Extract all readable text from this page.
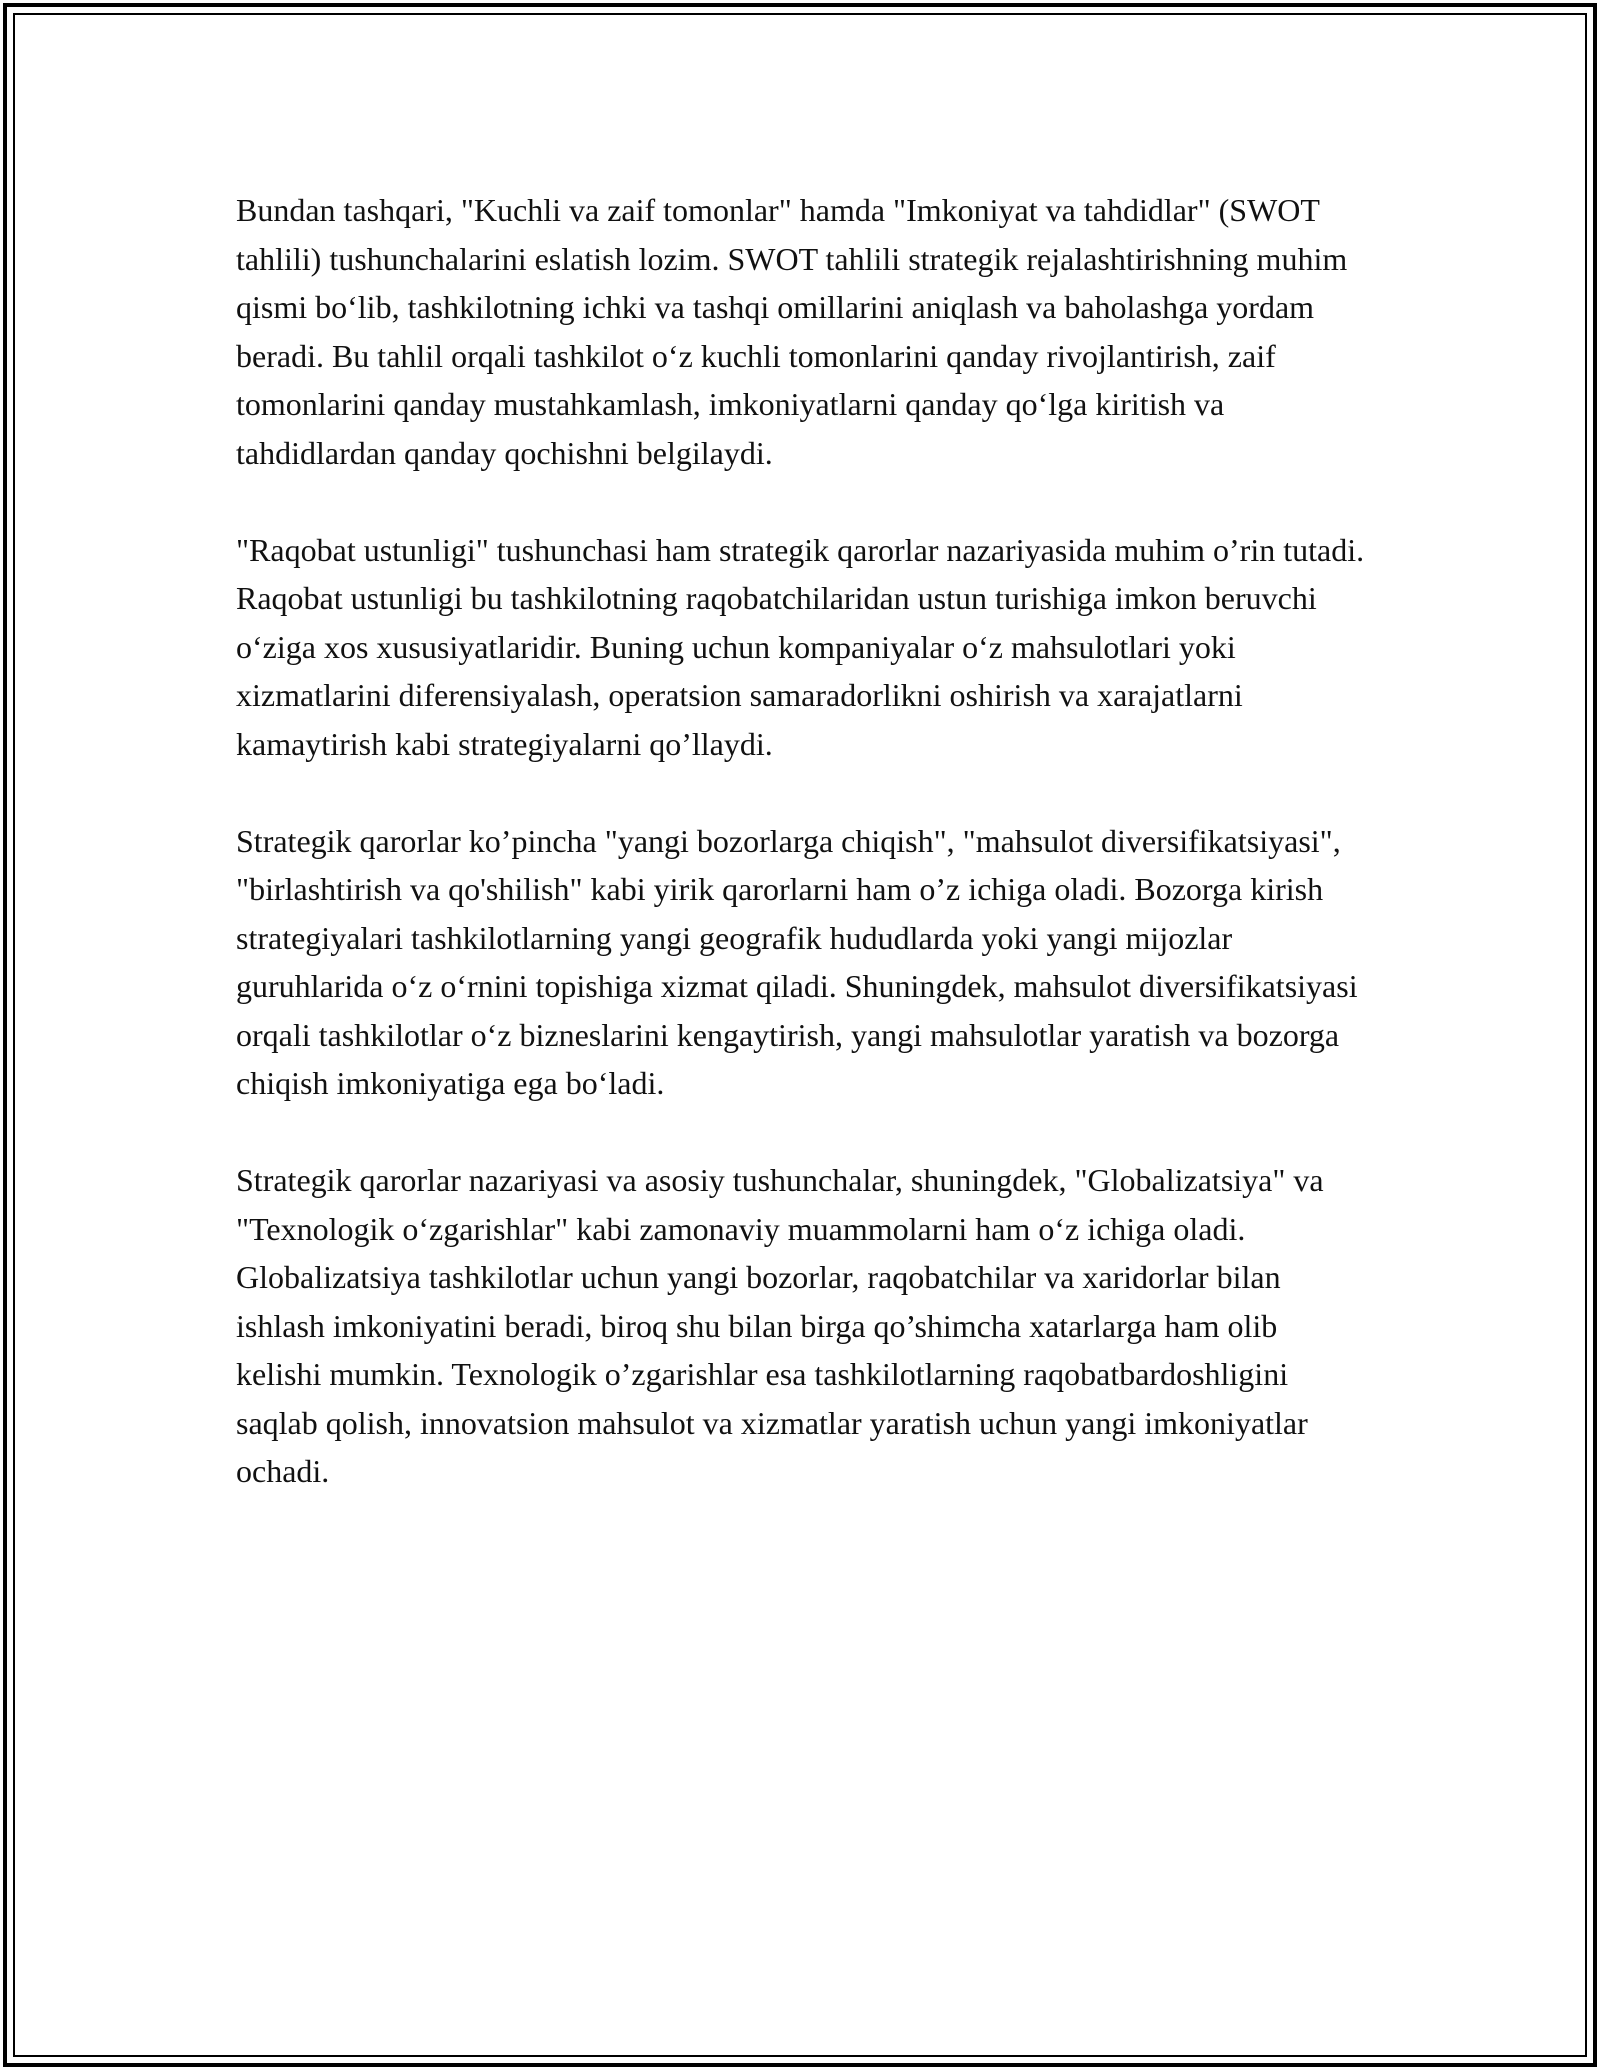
Bundan tashqari, "Kuchli va zaif tomonlar" hamda "Imkoniyat va tahdidlar" (SWOT tahlili) tushunchalarini eslatish lozim. SWOT tahlili strategik rejalashtirishning muhim qismi bo‘lib, tashkilotning ichki va tashqi omillarini aniqlash va baholashga yordam beradi. Bu tahlil orqali tashkilot o‘z kuchli tomonlarini qanday rivojlantirish, zaif tomonlarini qanday mustahkamlash, imkoniyatlarni qanday qo‘lga kiritish va tahdidlardan qanday qochishni belgilaydi.

"Raqobat ustunligi" tushunchasi ham strategik qarorlar nazariyasida muhim o’rin tutadi. Raqobat ustunligi bu tashkilotning raqobatchilaridan ustun turishiga imkon beruvchi o‘ziga xos xususiyatlaridir. Buning uchun kompaniyalar o‘z mahsulotlari yoki xizmatlarini diferensiyalash, operatsion samaradorlikni oshirish va xarajatlarni kamaytirish kabi strategiyalarni qo’llaydi.

Strategik qarorlar ko’pincha "yangi bozorlarga chiqish", "mahsulot diversifikatsiyasi", "birlashtirish va qo'shilish" kabi yirik qarorlarni ham o’z ichiga oladi. Bozorga kirish strategiyalari tashkilotlarning yangi geografik hududlarda yoki yangi mijozlar guruhlarida o‘z o‘rnini topishiga xizmat qiladi. Shuningdek, mahsulot diversifikatsiyasi orqali tashkilotlar o‘z bizneslarini kengaytirish, yangi mahsulotlar yaratish va bozorga chiqish imkoniyatiga ega bo‘ladi.

Strategik qarorlar nazariyasi va asosiy tushunchalar, shuningdek, "Globalizatsiya" va "Texnologik o‘zgarishlar" kabi zamonaviy muammolarni ham o‘z ichiga oladi. Globalizatsiya tashkilotlar uchun yangi bozorlar, raqobatchilar va xaridorlar bilan ishlash imkoniyatini beradi, biroq shu bilan birga qo’shimcha xatarlarga ham olib kelishi mumkin. Texnologik o’zgarishlar esa tashkilotlarning raqobatbardoshligini saqlab qolish, innovatsion mahsulot va xizmatlar yaratish uchun yangi imkoniyatlar ochadi.
